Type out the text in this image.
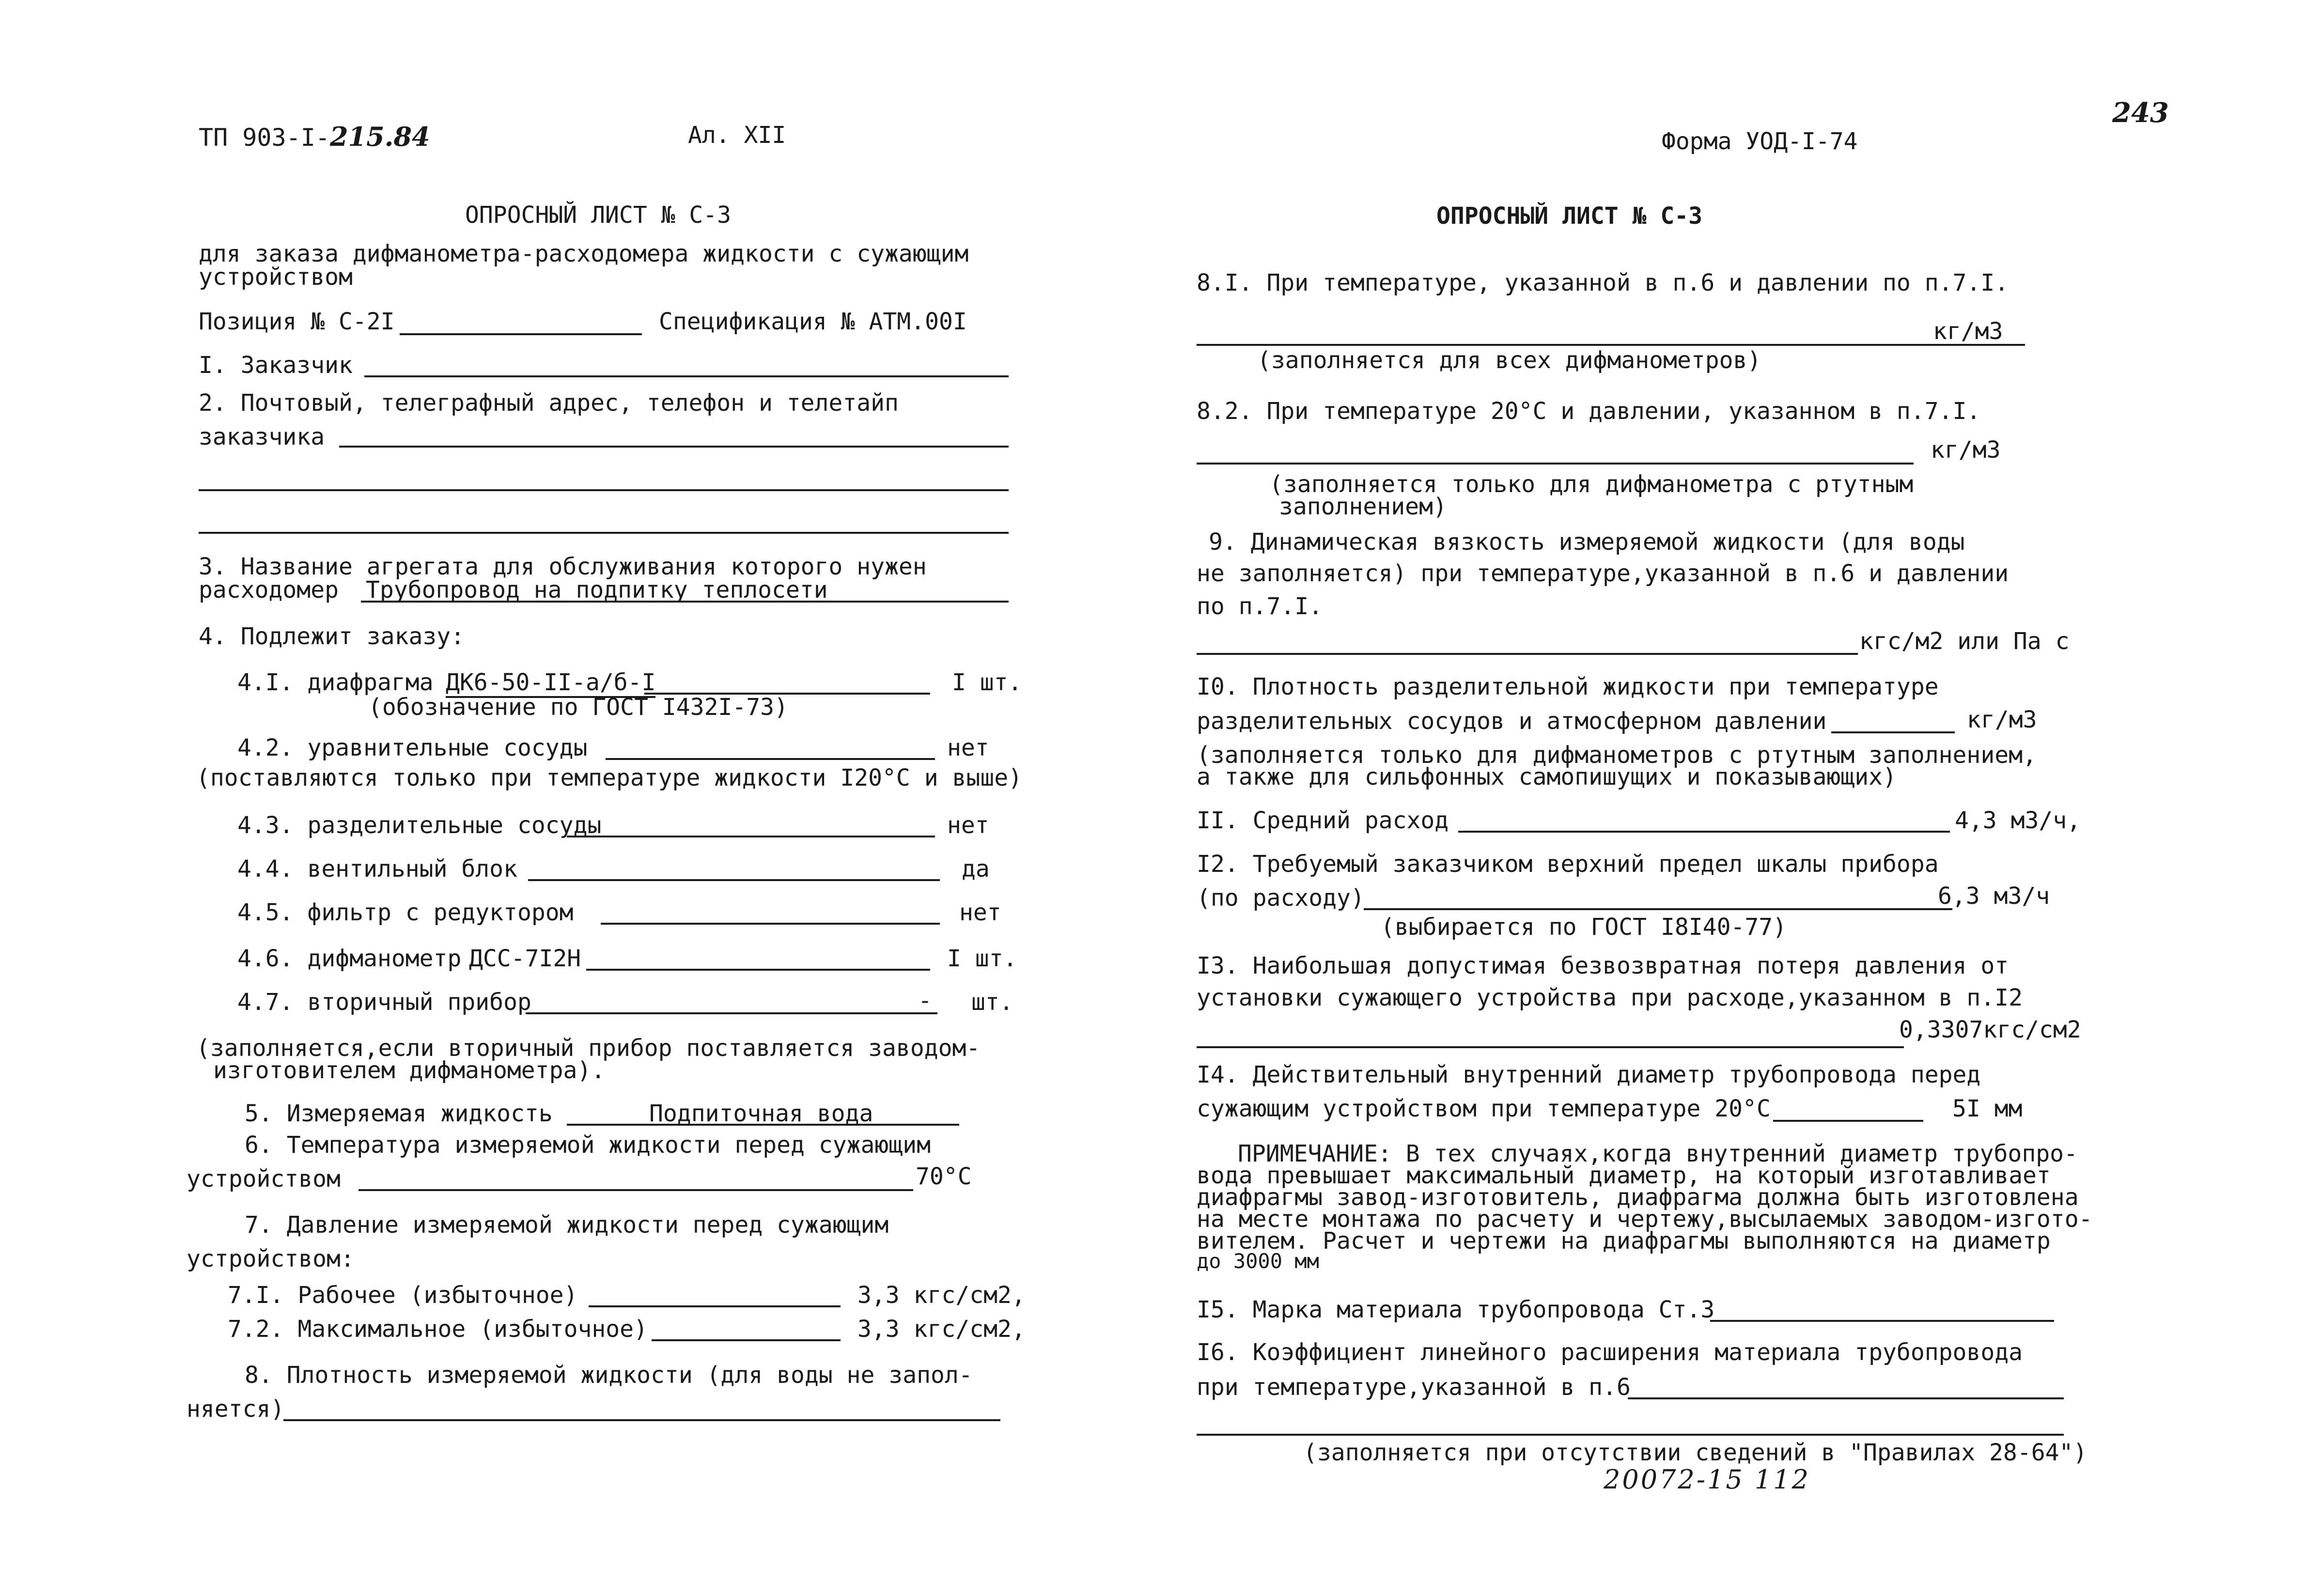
ТП 903-I-215.84	Ал. XII
ОПРОСНЫЙ ЛИСТ № С-3
для заказа дифманометра-расходомера жидкости с сужающим
устройством
Позиция № С-2I	Спецификация № АТМ.00I
I. Заказчик
2. Почтовый, телеграфный адрес, телефон и телетайп
заказчика
3. Название агрегата для обслуживания которого нужен
расходомер Трубопровод на подпитку теплосети
4. Подлежит заказу:
4.I. диафрагма ДК6-50-II-а/б-I	I шт.
(обозначение по ГОСТ I432I-73)
4.2. уравнительные сосуды	нет
(поставляются только при температуре жидкости I20°С и выше)
4.3. разделительные сосуды	нет
4.4. вентильный блок	да
4.5. фильтр с редуктором	нет
4.6. дифманометр ДСС-7I2Н	I шт.
4.7. вторичный прибор	- шт.
(заполняется,если вторичный прибор поставляется заводом-
изготовителем дифманометра).
5. Измеряемая жидкость	Подпиточная вода
6. Температура измеряемой жидкости перед сужающим
устройством	70°С
7. Давление измеряемой жидкости перед сужающим
устройством:
7.I. Рабочее (избыточное)	3,3 кгс/см2,
7.2. Максимальное (избыточное)	3,3 кгс/см2,
8. Плотность измеряемой жидкости (для воды не запол-
няется)
243
Форма УОД-I-74
ОПРОСНЫЙ ЛИСТ № С-3
8.I. При температуре, указанной в п.6 и давлении по п.7.I.
кг/м3
(заполняется для всех дифманометров)
8.2. При температуре 20°С и давлении, указанном в п.7.I.
кг/м3
(заполняется только для дифманометра с ртутным
заполнением)
9. Динамическая вязкость измеряемой жидкости (для воды
не заполняется) при температуре,указанной в п.6 и давлении
по п.7.I.
кгс/м2 или Па с
I0. Плотность разделительной жидкости при температуре
разделительных сосудов и атмосферном давлении	кг/м3
(заполняется только для дифманометров с ртутным заполнением,
а также для сильфонных самопишущих и показывающих)
II. Средний расход	4,3 м3/ч,
I2. Требуемый заказчиком верхний предел шкалы прибора
(по расходу)	6,3 м3/ч
(выбирается по ГОСТ I8I40-77)
I3. Наибольшая допустимая безвозвратная потеря давления от
установки сужающего устройства при расходе,указанном в п.I2
0,3307кгс/см2
I4. Действительный внутренний диаметр трубопровода перед
сужающим устройством при температуре 20°С	5I мм
ПРИМЕЧАНИЕ: В тех случаях,когда внутренний диаметр трубопро-
вода превышает максимальный диаметр, на который изготавливает
диафрагмы завод-изготовитель, диафрагма должна быть изготовлена
на месте монтажа по расчету и чертежу,высылаемых заводом-изгото-
вителем. Расчет и чертежи на диафрагмы выполняются на диаметр
до 3000 мм
I5. Марка материала трубопровода Ст.3
I6. Коэффициент линейного расширения материала трубопровода
при температуре,указанной в п.6
(заполняется при отсутствии сведений в "Правилах 28-64")
20072-15 112
